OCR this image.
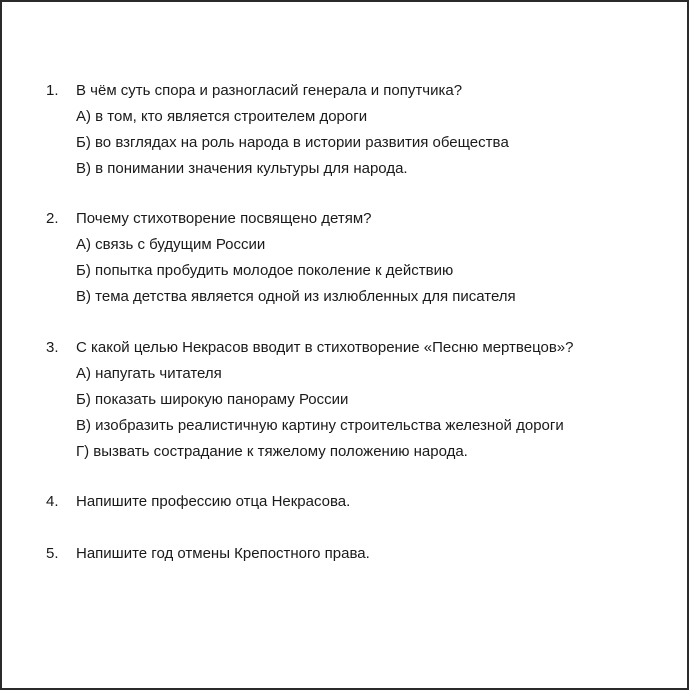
1.	В чём суть спора и разногласий генерала и попутчика?
А) в том, кто является строителем дороги
Б) во взглядах на роль народа в истории развития обеществa
В) в понимании значения культуры для народа.
2.	Почему стихотворение посвящено детям?
А) связь с будущим России
Б) попытка пробудить молодое поколение к действию
В) тема детства является одной из излюбленных для писателя
3.	С какой целью Некрасов вводит в стихотворение «Песню мертвецов»?
А) напугать читателя
Б) показать широкую панораму России
В) изобразить реалистичную картину строительства железной дороги
Г) вызвать сострадание к тяжелому положению народа.
4.	Напишите профессию отца Некрасова.
5.	Напишите год отмены Крепостного права.
